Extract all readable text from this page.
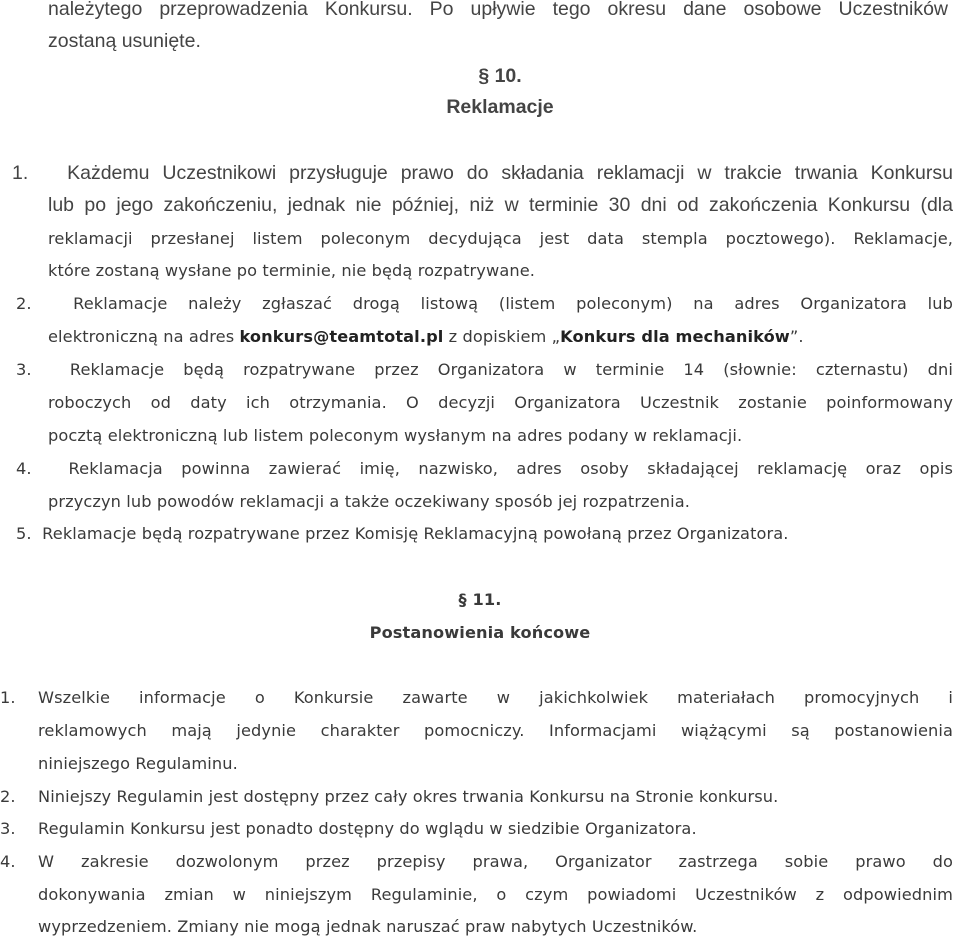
należytego przeprowadzenia Konkursu. Po upływie tego okresu dane osobowe Uczestników
zostaną usunięte.
§ 10.
Reklamacje
1. Każdemu Uczestnikowi przysługuje prawo do składania reklamacji w trakcie trwania Konkursu
lub po jego zakończeniu, jednak nie później, niż w terminie 30 dni od zakończenia Konkursu (dla
reklamacji przesłanej listem poleconym decydująca jest data stempla pocztowego). Reklamacje,
które zostaną wysłane po terminie, nie będą rozpatrywane.
2.	Reklamacje należy zgłaszać drogą listową (listem poleconym) na adres Organizatora lub
elektroniczną na adres konkurs@teamtotal.pl z dopiskiem „Konkurs dla mechaników”.
3. Reklamacje będą rozpatrywane przez Organizatora w terminie 14 (słownie: czternastu) dni
roboczych od daty ich otrzymania. O decyzji Organizatora Uczestnik zostanie poinformowany
pocztą elektroniczną lub listem poleconym wysłanym na adres podany w reklamacji.
4. Reklamacja powinna zawierać imię, nazwisko, adres osoby składającej reklamację oraz opis
przyczyn lub powodów reklamacji a także oczekiwany sposób jej rozpatrzenia.
5. Reklamacje będą rozpatrywane przez Komisję Reklamacyjną powołaną przez Organizatora.
§ 11.
Postanowienia końcowe
1. Wszelkie informacje o Konkursie zawarte w jakichkolwiek materiałach promocyjnych i
reklamowych mają jedynie charakter pomocniczy. Informacjami wiążącymi są postanowienia
niniejszego Regulaminu.
2. Niniejszy Regulamin jest dostępny przez cały okres trwania Konkursu na Stronie konkursu.
3. Regulamin Konkursu jest ponadto dostępny do wglądu w siedzibie Organizatora.
4. W zakresie dozwolonym przez przepisy prawa, Organizator zastrzega sobie prawo do
dokonywania zmian w niniejszym Regulaminie, o czym powiadomi Uczestników z odpowiednim
wyprzedzeniem. Zmiany nie mogą jednak naruszać praw nabytych Uczestników.
